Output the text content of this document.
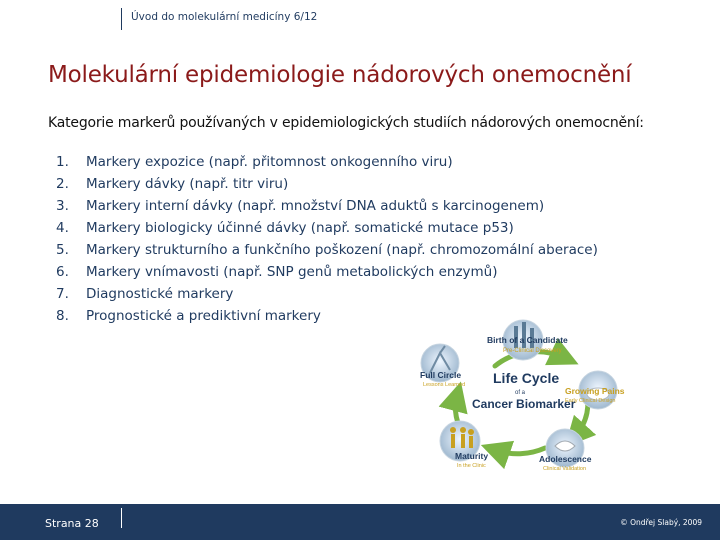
Úvod do molekulární medicíny 6/12
Molekulární epidemiologie nádorových onemocnění
Kategorie markerů používaných v epidemiologických studiích nádorových onemocnění:
1.	Markery expozice (např. přitomnost onkogenního viru)
2.	Markery dávky (např. titr viru)
3.	Markery interní dávky (např. množství DNA aduktů s karcinogenem)
4.	Markery biologicky účinné dávky (např. somatické mutace p53)
5.	Markery strukturního a funkčního poškození (např. chromozomální aberace)
6.	Markery vnímavosti (např. SNP genů metabolických enzymů)
7.	Diagnostické markery
8.	Prognostické a prediktivní markery
Life Cycle
of a
Cancer Biomarker
Birth of a Candidate
Pre-Clinical Discovery
Growing Pains
Early Clinical Design
Adolescence
Clinical Validation
Maturity
In the Clinic
Full Circle
Lessons Learned
Strana 28	© Ondřej Slabý, 2009
